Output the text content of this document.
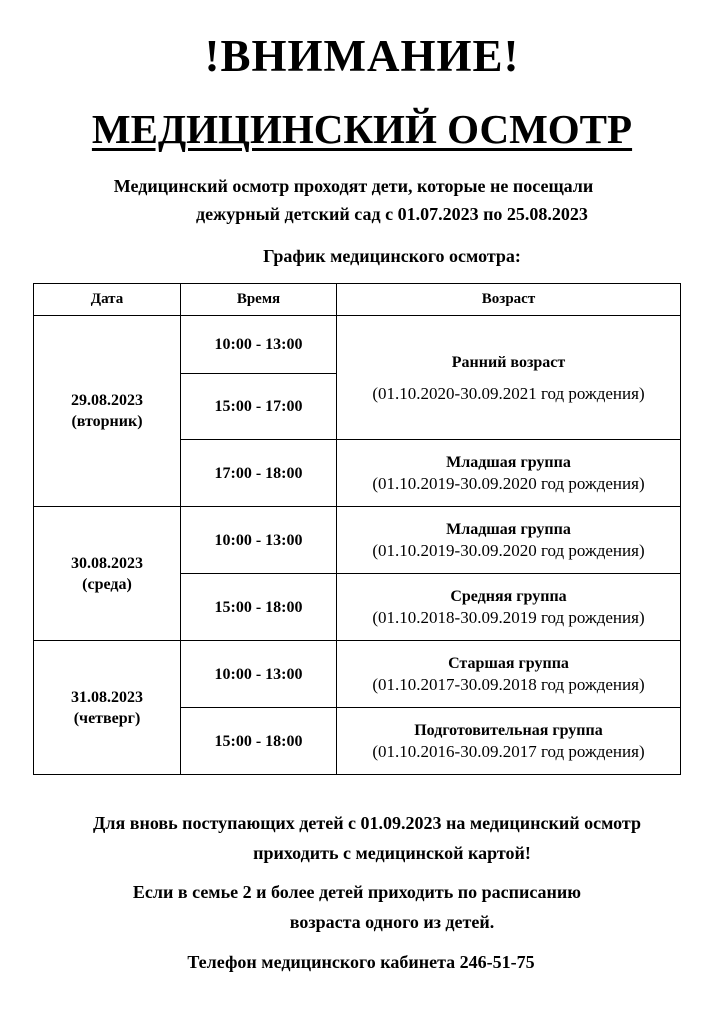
!ВНИМАНИЕ!
МЕДИЦИНСКИЙ ОСМОТР
Медицинский осмотр проходят дети, которые не посещали
дежурный детский сад с 01.07.2023 по 25.08.2023
График медицинского осмотра:
Дата	Время	Возраст

29.08.2023
(вторник)	10:00 - 13:00	Ранний возраст
(01.10.2020-30.09.2021 год рождения)

	15:00 - 17:00	
	17:00 - 18:00	Младшая группа
(01.10.2019-30.09.2020 год рождения)

30.08.2023
(среда)	10:00 - 13:00	Младшая группа
(01.10.2019-30.09.2020 год рождения)

	15:00 - 18:00	Средняя группа
(01.10.2018-30.09.2019 год рождения)

31.08.2023
(четверг)	10:00 - 13:00	Старшая группа
(01.10.2017-30.09.2018 год рождения)

	15:00 - 18:00	Подготовительная группа
(01.10.2016-30.09.2017 год рождения)
Для вновь поступающих детей с 01.09.2023 на медицинский осмотр
приходить с медицинской картой!
Если в семье 2 и более детей приходить по расписанию
возраста одного из детей.
Телефон медицинского кабинета 246-51-75
